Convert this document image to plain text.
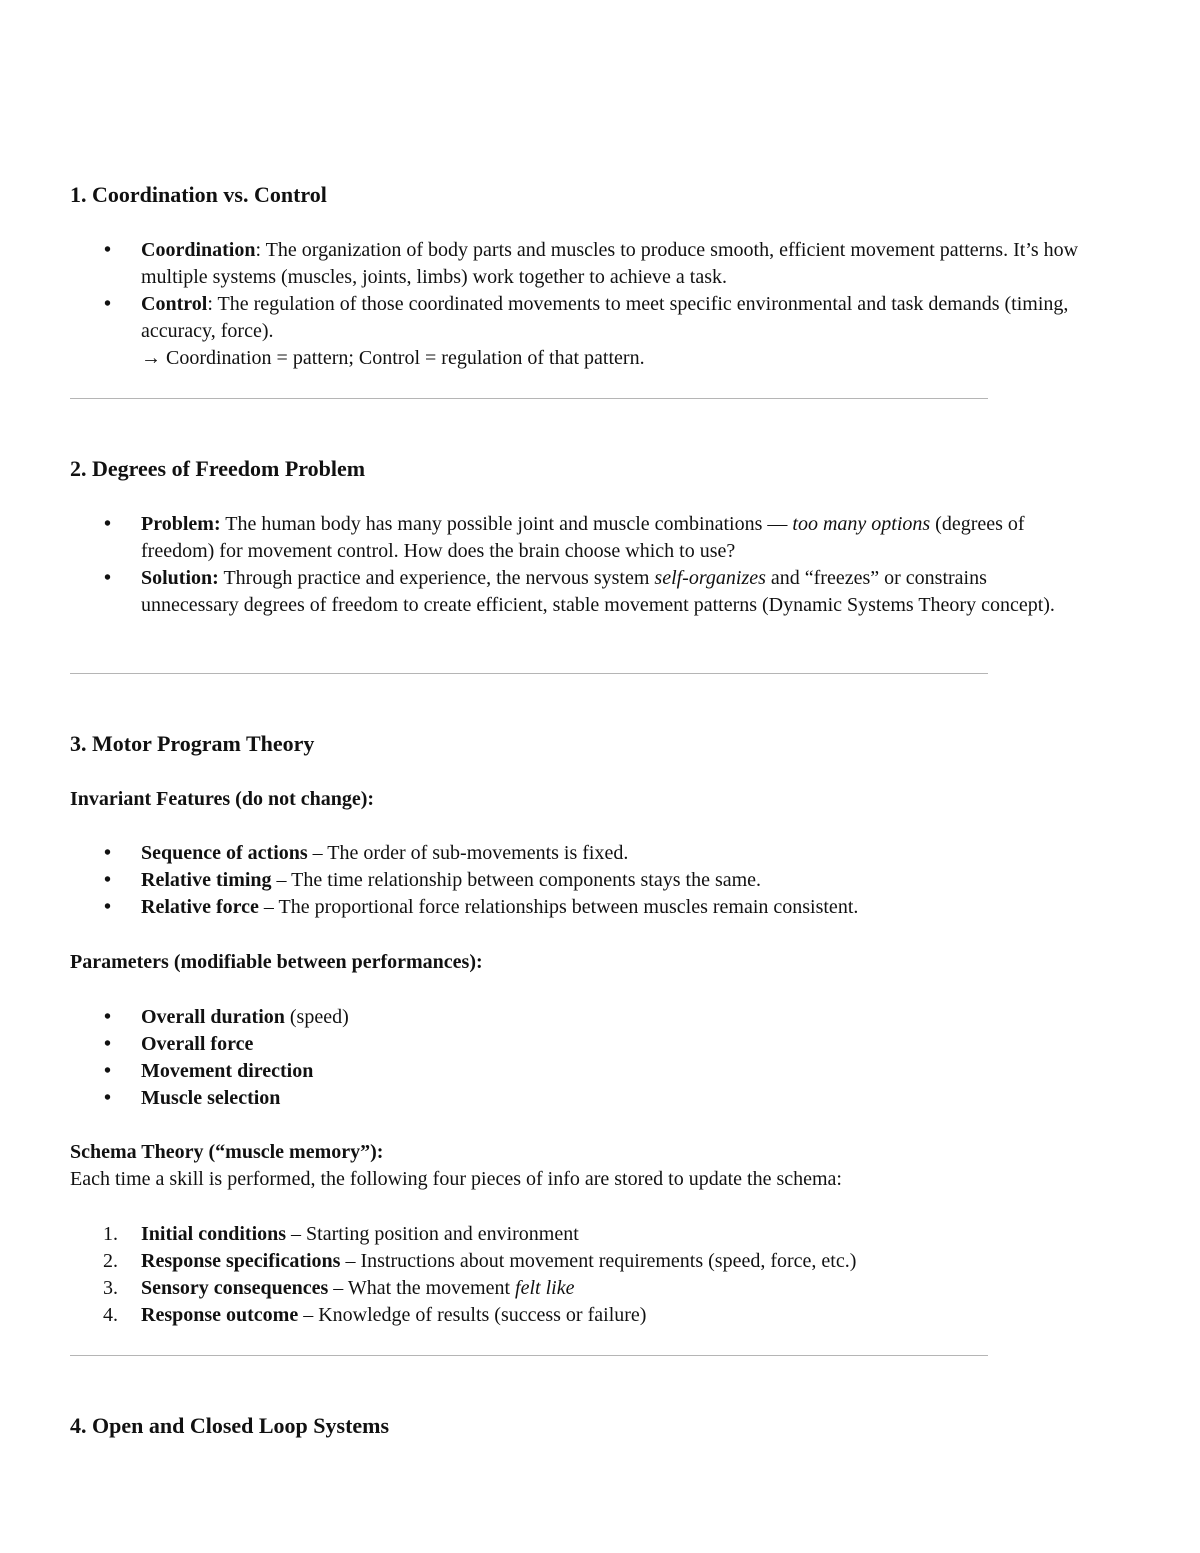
1. Coordination vs. Control
• Coordination: The organization of body parts and muscles to produce smooth, efficient movement patterns. It’s how multiple systems (muscles, joints, limbs) work together to achieve a task.
• Control: The regulation of those coordinated movements to meet specific environmental and task demands (timing, accuracy, force).
→ Coordination = pattern; Control = regulation of that pattern.
2. Degrees of Freedom Problem
• Problem: The human body has many possible joint and muscle combinations — too many options (degrees of freedom) for movement control. How does the brain choose which to use?
• Solution: Through practice and experience, the nervous system self-organizes and “freezes” or constrains unnecessary degrees of freedom to create efficient, stable movement patterns (Dynamic Systems Theory concept).
3. Motor Program Theory

Invariant Features (do not change):

• Sequence of actions – The order of sub-movements is fixed.
• Relative timing – The time relationship between components stays the same.
• Relative force – The proportional force relationships between muscles remain consistent.

Parameters (modifiable between performances):

• Overall duration (speed)
• Overall force
• Movement direction
• Muscle selection

Schema Theory (“muscle memory”):

Each time a skill is performed, the following four pieces of info are stored to update the schema:

1. Initial conditions – Starting position and environment
2. Response specifications – Instructions about movement requirements (speed, force, etc.)
3. Sensory consequences – What the movement felt like
4. Response outcome – Knowledge of results (success or failure)
4. Open and Closed Loop Systems
